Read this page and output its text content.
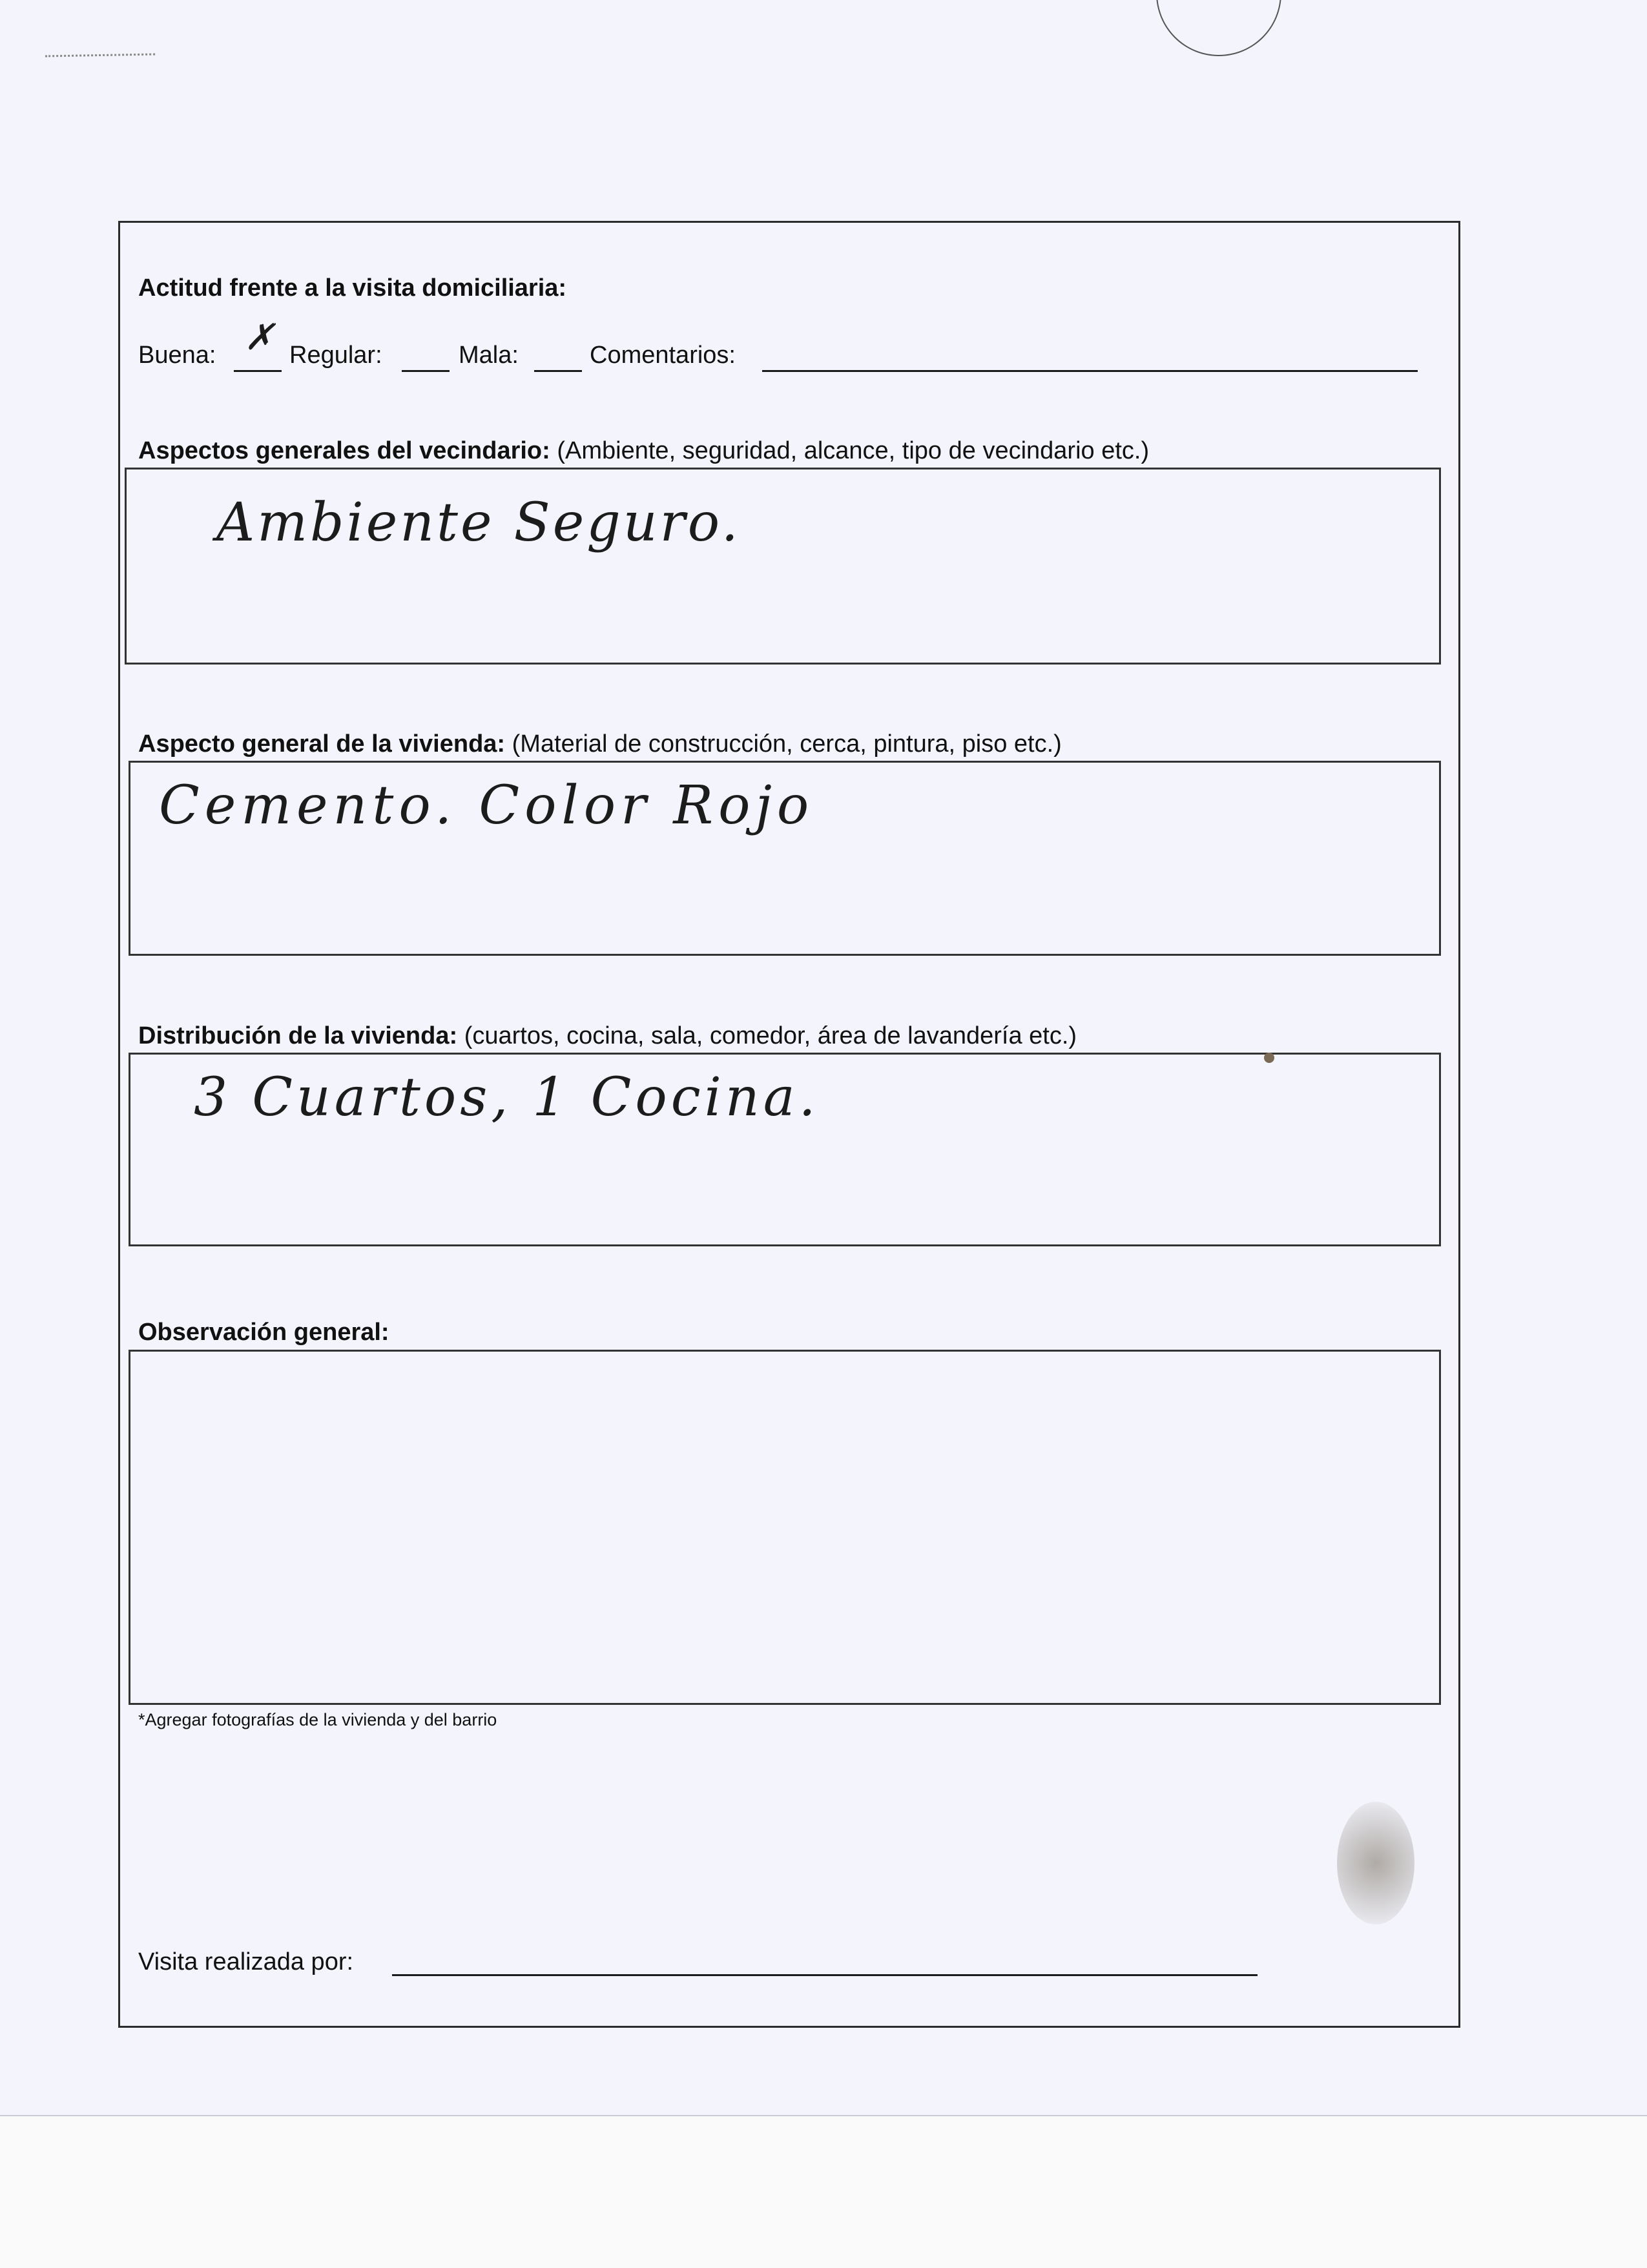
Actitud frente a la visita domiciliaria:
Buena: ✗ Regular:	Mala:	Comentarios:
Aspectos generales del vecindario: (Ambiente, seguridad, alcance, tipo de vecindario etc.)
Ambiente Seguro.
Aspecto general de la vivienda: (Material de construcción, cerca, pintura, piso etc.)
Cemento. Color Rojo
Distribución de la vivienda: (cuartos, cocina, sala, comedor, área de lavandería etc.)
3 Cuartos, 1 Cocina.
Observación general:
*Agregar fotografías de la vivienda y del barrio
Visita realizada por:
